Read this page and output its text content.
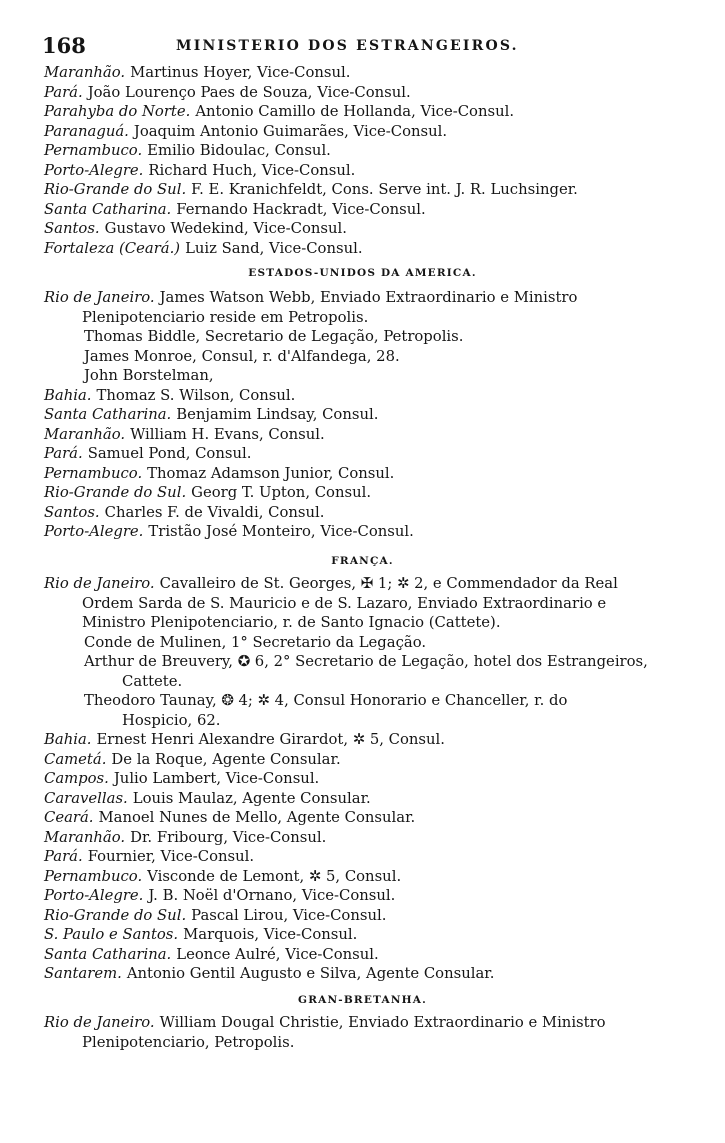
168	MINISTERIO DOS ESTRANGEIROS.

Maranhão. Martinus Hoyer, Vice-Consul.

Pará. João Lourenço Paes de Souza, Vice-Consul.

Parahyba do Norte. Antonio Camillo de Hollanda, Vice-Consul.

Paranaguá. Joaquim Antonio Guimarães, Vice-Consul.

Pernambuco. Emilio Bidoulac, Consul.

Porto-Alegre. Richard Huch, Vice-Consul.

Rio-Grande do Sul. F. E. Kranichfeldt, Cons. Serve int. J. R. Luchsinger.

Santa Catharina. Fernando Hackradt, Vice-Consul.

Santos. Gustavo Wedekind, Vice-Consul.

Fortaleza (Ceará.) Luiz Sand, Vice-Consul.

ESTADOS-UNIDOS DA AMERICA.

Rio de Janeiro. James Watson Webb, Enviado Extraordinario e Ministro
Plenipotenciario reside em Petropolis.

Thomas Biddle, Secretario de Legação, Petropolis.

James Monroe, Consul, r. d'Alfandega, 28.

John Borstelman,

Bahia. Thomaz S. Wilson, Consul.

Santa Catharina. Benjamim Lindsay, Consul.

Maranhão. William H. Evans, Consul.

Pará. Samuel Pond, Consul.

Pernambuco. Thomaz Adamson Junior, Consul.

Rio-Grande do Sul. Georg T. Upton, Consul.

Santos. Charles F. de Vivaldi, Consul.

Porto-Alegre. Tristão José Monteiro, Vice-Consul.

FRANÇA.

Rio de Janeiro. Cavalleiro de St. Georges, ✠ 1; ✲ 2, e Commendador da Real
Ordem Sarda de S. Mauricio e de S. Lazaro, Enviado Extraordinario e
Ministro Plenipotenciario, r. de Santo Ignacio (Cattete).

Conde de Mulinen, 1° Secretario da Legação.

Arthur de Breuvery, ✪ 6, 2° Secretario de Legação, hotel dos Estrangeiros,
Cattete.

Theodoro Taunay, ❂ 4; ✲ 4, Consul Honorario e Chanceller, r. do
Hospicio, 62.

Bahia. Ernest Henri Alexandre Girardot, ✲ 5, Consul.

Cametá. De la Roque, Agente Consular.

Campos. Julio Lambert, Vice-Consul.

Caravellas. Louis Maulaz, Agente Consular.

Ceará. Manoel Nunes de Mello, Agente Consular.

Maranhão. Dr. Fribourg, Vice-Consul.

Pará. Fournier, Vice-Consul.

Pernambuco. Visconde de Lemont, ✲ 5, Consul.

Porto-Alegre. J. B. Noël d'Ornano, Vice-Consul.

Rio-Grande do Sul. Pascal Lirou, Vice-Consul.

S. Paulo e Santos. Marquois, Vice-Consul.

Santa Catharina. Leonce Aulré, Vice-Consul.

Santarem. Antonio Gentil Augusto e Silva, Agente Consular.

GRAN-BRETANHA.

Rio de Janeiro. William Dougal Christie, Enviado Extraordinario e Ministro
Plenipotenciario, Petropolis.
